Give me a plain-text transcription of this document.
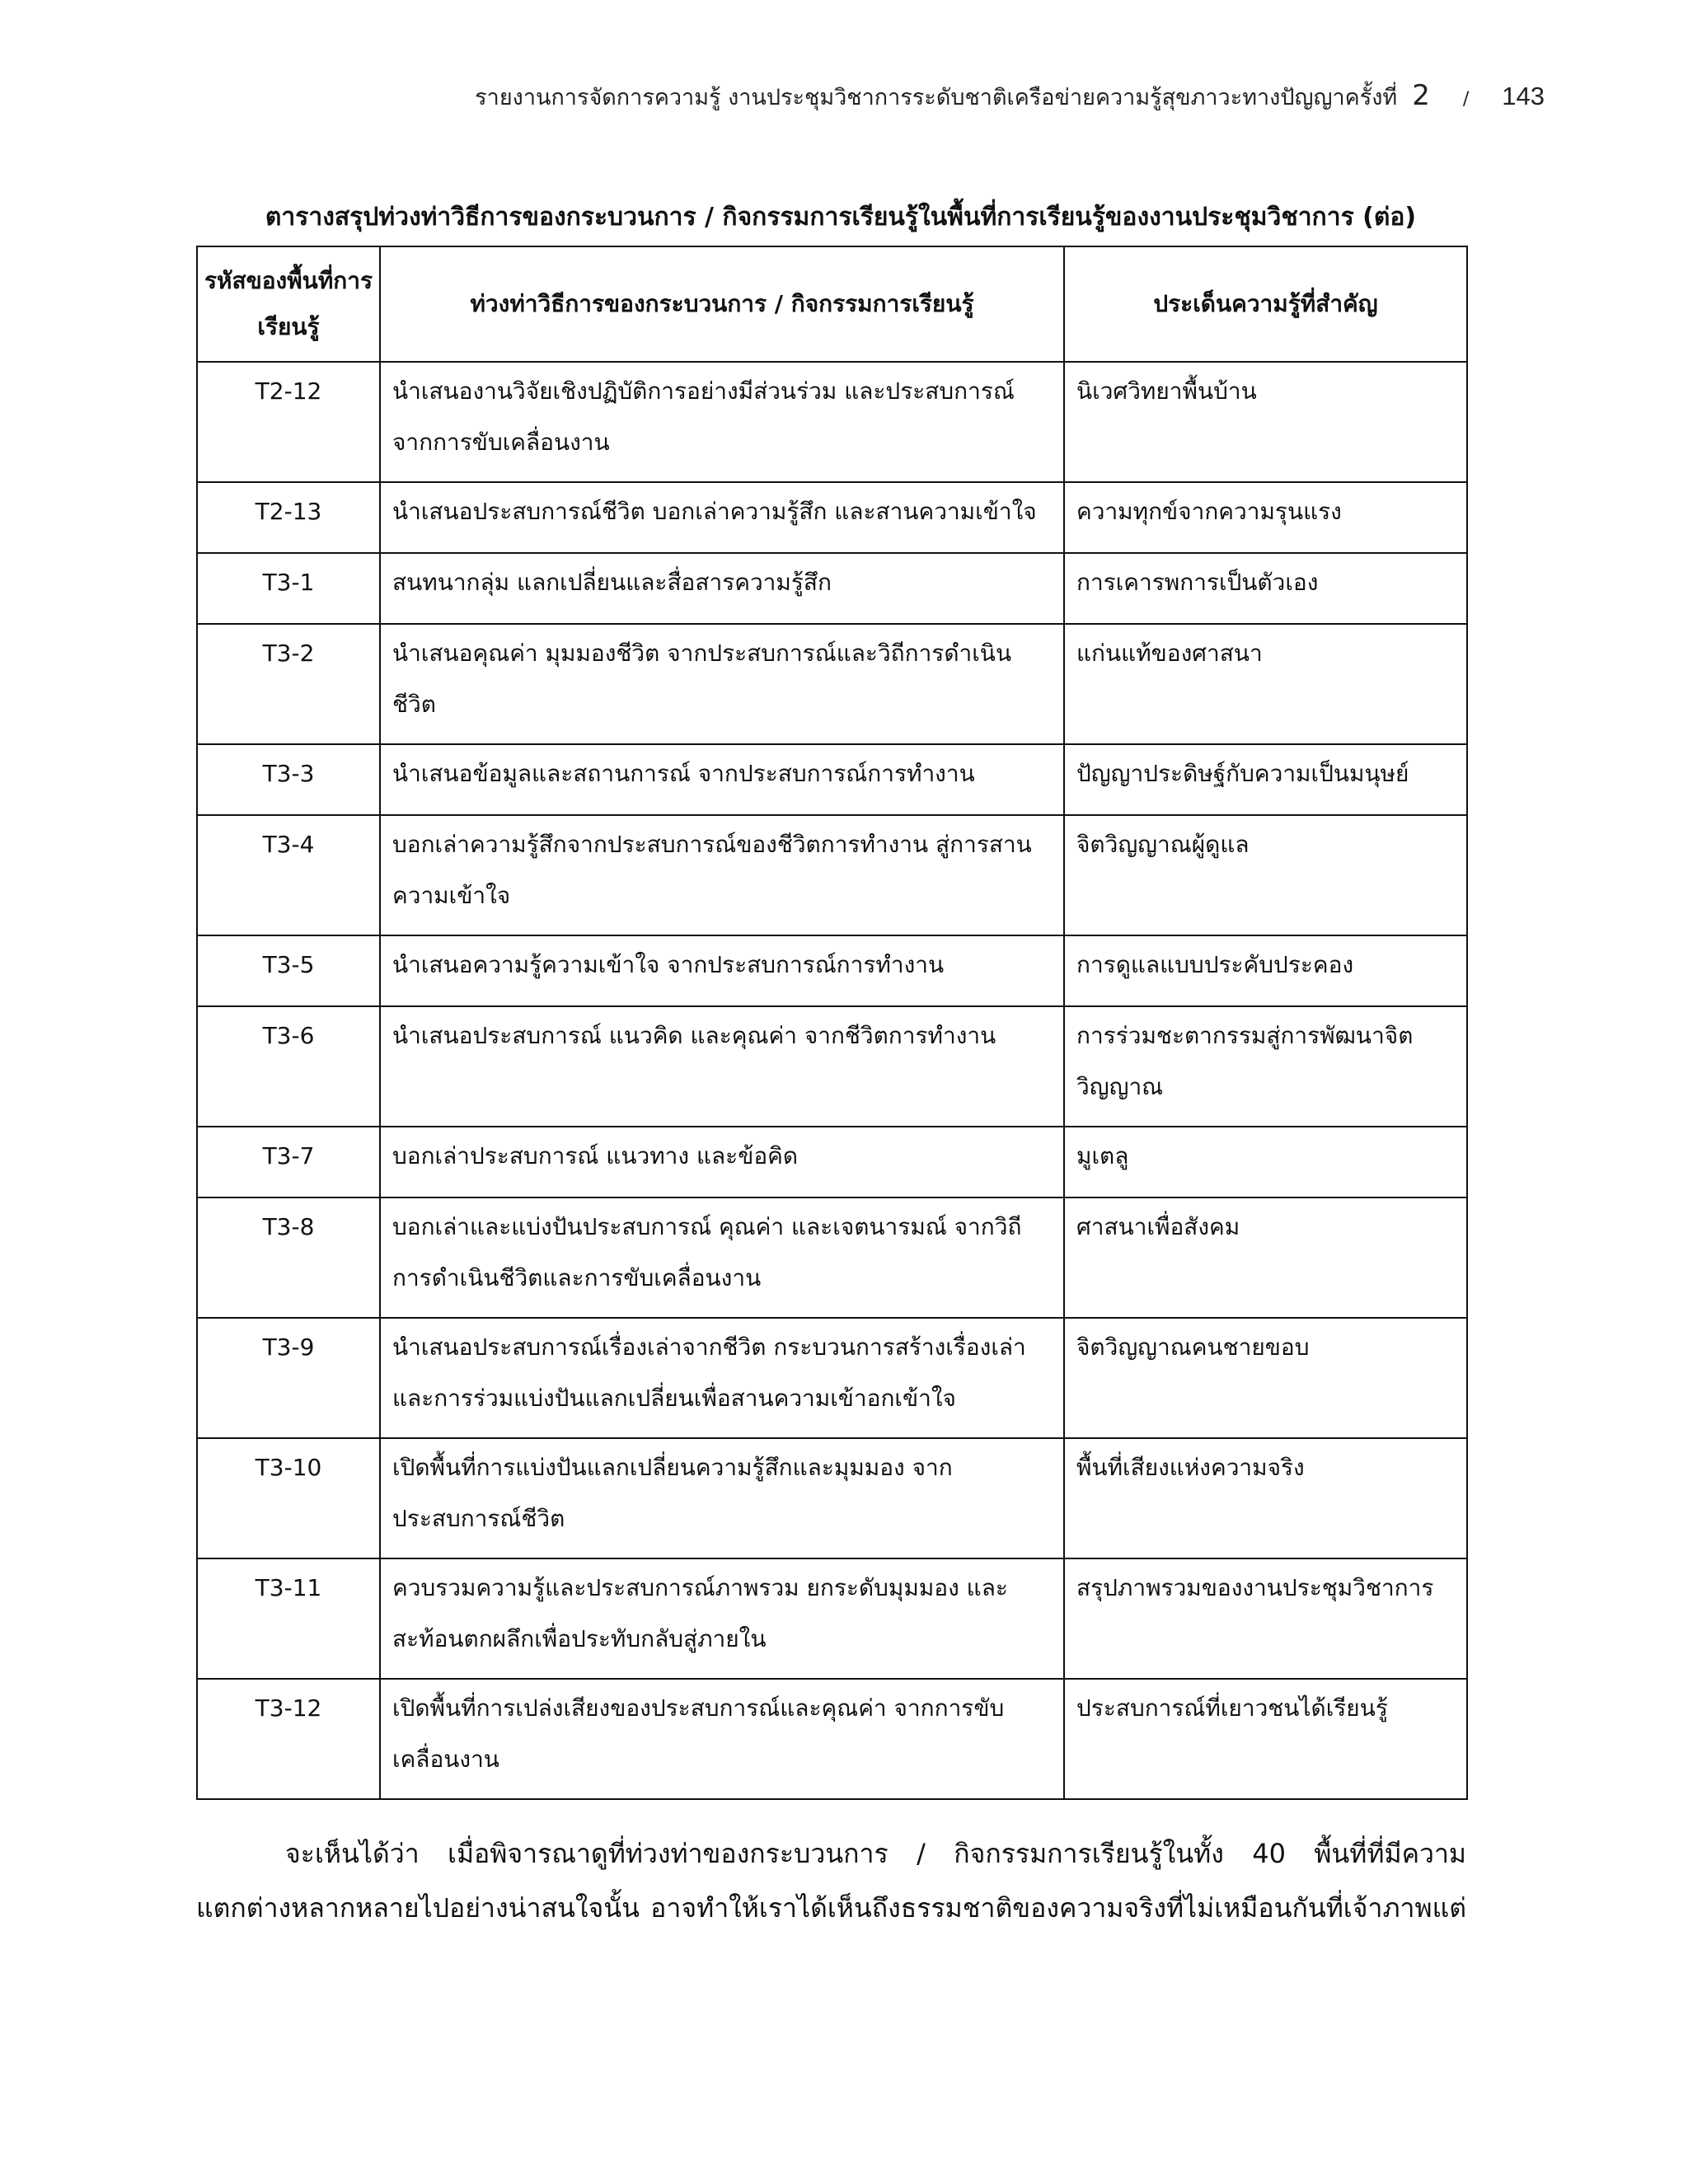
รายงานการจัดการความรู้ งานประชุมวิชาการระดับชาติเครือข่ายความรู้สุขภาวะทางปัญญาครั้งที่ 2 / 143
ตารางสรุปท่วงท่าวิธีการของกระบวนการ / กิจกรรมการเรียนรู้ในพื้นที่การเรียนรู้ของงานประชุมวิชาการ (ต่อ)
รหัสของพื้นที่การเรียนรู้	ท่วงท่าวิธีการของกระบวนการ / กิจกรรมการเรียนรู้	ประเด็นความรู้ที่สำคัญ
T2-12	นำเสนองานวิจัยเชิงปฏิบัติการอย่างมีส่วนร่วม และประสบการณ์จากการขับเคลื่อนงาน	นิเวศวิทยาพื้นบ้าน
T2-13	นำเสนอประสบการณ์ชีวิต บอกเล่าความรู้สึก และสานความเข้าใจ	ความทุกข์จากความรุนแรง
T3-1	สนทนากลุ่ม แลกเปลี่ยนและสื่อสารความรู้สึก	การเคารพการเป็นตัวเอง
T3-2	นำเสนอคุณค่า มุมมองชีวิต จากประสบการณ์และวิถีการดำเนินชีวิต	แก่นแท้ของศาสนา
T3-3	นำเสนอข้อมูลและสถานการณ์ จากประสบการณ์การทำงาน	ปัญญาประดิษฐ์กับความเป็นมนุษย์
T3-4	บอกเล่าความรู้สึกจากประสบการณ์ของชีวิตการทำงาน สู่การสานความเข้าใจ	จิตวิญญาณผู้ดูแล
T3-5	นำเสนอความรู้ความเข้าใจ จากประสบการณ์การทำงาน	การดูแลแบบประคับประคอง
T3-6	นำเสนอประสบการณ์ แนวคิด และคุณค่า จากชีวิตการทำงาน	การร่วมชะตากรรมสู่การพัฒนาจิตวิญญาณ
T3-7	บอกเล่าประสบการณ์ แนวทาง และข้อคิด	มูเตลู
T3-8	บอกเล่าและแบ่งปันประสบการณ์ คุณค่า และเจตนารมณ์ จากวิถีการดำเนินชีวิตและการขับเคลื่อนงาน	ศาสนาเพื่อสังคม
T3-9	นำเสนอประสบการณ์เรื่องเล่าจากชีวิต กระบวนการสร้างเรื่องเล่าและการร่วมแบ่งปันแลกเปลี่ยนเพื่อสานความเข้าอกเข้าใจ	จิตวิญญาณคนชายขอบ
T3-10	เปิดพื้นที่การแบ่งปันแลกเปลี่ยนความรู้สึกและมุมมอง จากประสบการณ์ชีวิต	พื้นที่เสียงแห่งความจริง
T3-11	ควบรวมความรู้และประสบการณ์ภาพรวม ยกระดับมุมมอง และสะท้อนตกผลึกเพื่อประทับกลับสู่ภายใน	สรุปภาพรวมของงานประชุมวิชาการ
T3-12	เปิดพื้นที่การเปล่งเสียงของประสบการณ์และคุณค่า จากการขับเคลื่อนงาน	ประสบการณ์ที่เยาวชนได้เรียนรู้

จะเห็นได้ว่า เมื่อพิจารณาดูที่ท่วงท่าของกระบวนการ / กิจกรรมการเรียนรู้ในทั้ง 40 พื้นที่ที่มีความ

แตกต่างหลากหลายไปอย่างน่าสนใจนั้น อาจทำให้เราได้เห็นถึงธรรมชาติของความจริงที่ไม่เหมือนกันที่เจ้าภาพแต่
